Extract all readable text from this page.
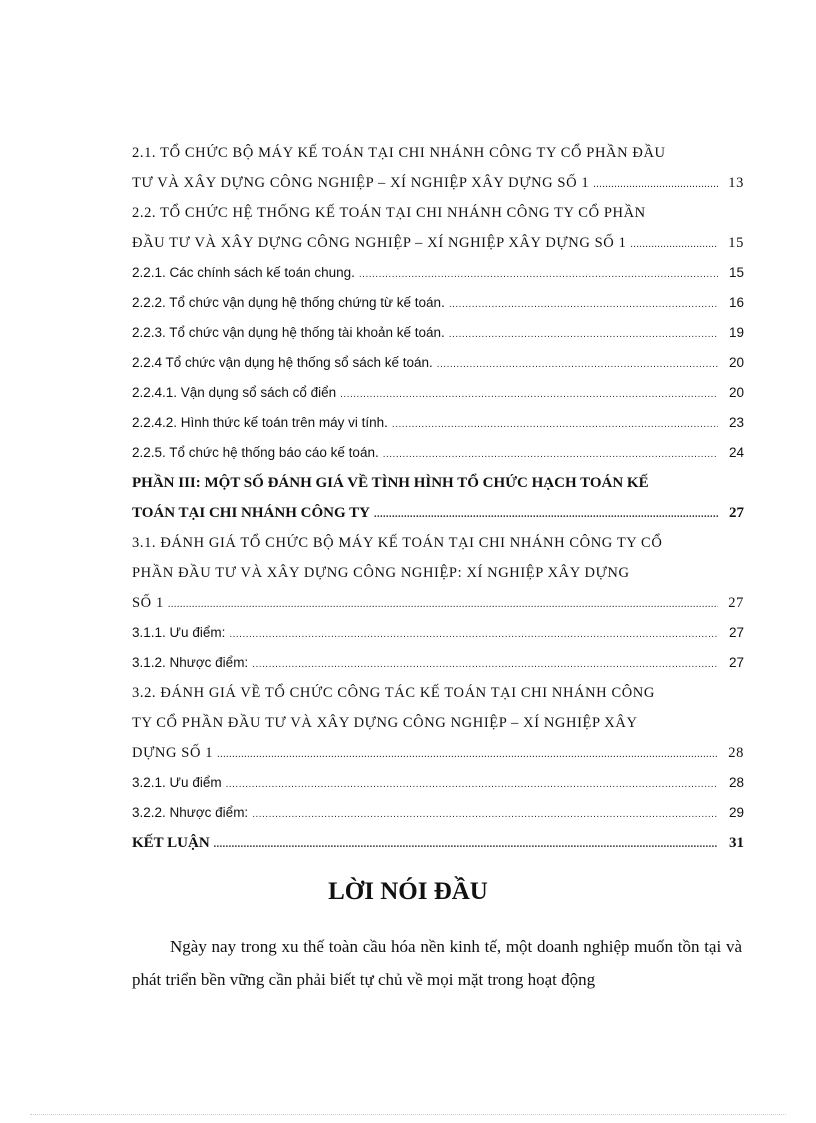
2.1. TỔ CHỨC BỘ MÁY KẾ TOÁN TẠI CHI NHÁNH CÔNG TY CỔ PHẦN ĐẦU
TƯ VÀ XÂY DỰNG CÔNG NGHIỆP – XÍ NGHIỆP XÂY DỰNG SỐ 1 .....	13
2.2. TỔ CHỨC HỆ THỐNG KẾ TOÁN TẠI CHI NHÁNH CÔNG TY CỔ PHẦN
ĐẦU TƯ VÀ XÂY DỰNG CÔNG NGHIỆP – XÍ NGHIỆP XÂY DỰNG SỐ 1 .....	15
2.2.1. Các chính sách kế toán chung. .....	15
2.2.2. Tổ chức vận dụng hệ thống chứng từ kế toán. .....	16
2.2.3. Tổ chức vận dụng hệ thống tài khoản kế toán. .....	19
2.2.4 Tổ chức vận dụng hệ thống sổ sách kế toán. .....	20
2.2.4.1. Vận dụng sổ sách cổ điển .....	20
2.2.4.2. Hình thức kế toán trên máy vi tính. .....	23
2.2.5. Tổ chức hệ thống báo cáo kế toán. .....	24
PHẦN III: MỘT SỐ ĐÁNH GIÁ VỀ TÌNH HÌNH TỔ CHỨC HẠCH TOÁN KẾ
TOÁN TẠI CHI NHÁNH CÔNG TY .....	27
3.1. ĐÁNH GIÁ TỔ CHỨC BỘ MÁY KẾ TOÁN TẠI CHI NHÁNH CÔNG TY CỔ
PHẦN ĐẦU TƯ VÀ XÂY DỰNG CÔNG NGHIỆP: XÍ NGHIỆP XÂY DỰNG
SỐ 1 .....	27
3.1.1. Ưu điểm: .....	27
3.1.2. Nhược điểm: .....	27
3.2. ĐÁNH GIÁ VỀ TỔ CHỨC CÔNG TÁC KẾ TOÁN TẠI CHI NHÁNH CÔNG
TY CỔ PHẦN ĐẦU TƯ VÀ XÂY DỰNG CÔNG NGHIỆP – XÍ NGHIỆP XÂY
DỰNG SỐ 1 .....	28
3.2.1. Ưu điểm .....	28
3.2.2. Nhược điểm: .....	29
KẾT LUẬN .....	31
LỜI NÓI ĐẦU
Ngày nay trong xu thế toàn cầu hóa nền kinh tế, một doanh nghiệp muốn tồn tại và phát triển bền vững cần phải biết tự chủ về mọi mặt trong hoạt động
